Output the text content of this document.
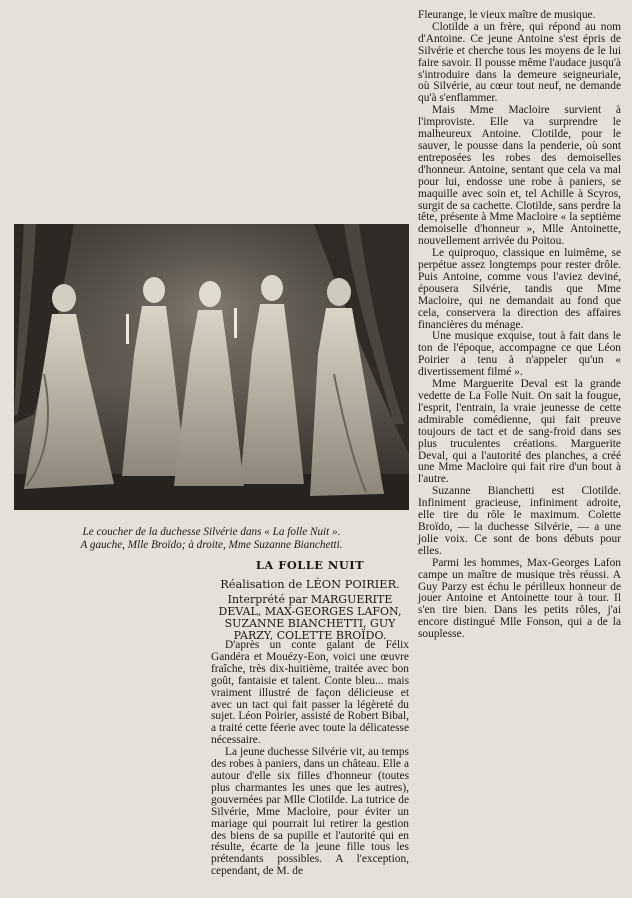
Fleurange, le vieux maître de musique.

Clotilde a un frère, qui répond au nom d'Antoine. Ce jeune Antoine s'est épris de Silvérie et cherche tous les moyens de le lui faire savoir. Il pousse même l'audace jusqu'à s'introduire dans la demeure seigneuriale, où Silvérie, au cœur tout neuf, ne demande qu'à s'enflammer.

Mais Mme Macloire survient à l'improviste. Elle va surprendre le malheureux Antoine. Clotilde, pour le sauver, le pousse dans la penderie, où sont entreposées les robes des demoiselles d'honneur. Antoine, sentant que cela va mal pour lui, endosse une robe à paniers, se maquille avec soin et, tel Achille à Scyros, surgit de sa cachette. Clotilde, sans perdre la tête, présente à Mme Macloire « la septième demoiselle d'honneur », Mlle Antoinette, nouvellement arrivée du Poitou.

Le quiproquo, classique en luimême, se perpétue assez longtemps pour rester drôle. Puis Antoine, comme vous l'aviez deviné, épousera Silvérie, tandis que Mme Macloire, qui ne demandait au fond que cela, conservera la direction des affaires financières du ménage.

Une musique exquise, tout à fait dans le ton de l'époque, accompagne ce que Léon Poirier a tenu à n'appeler qu'un « divertissement filmé ».

Mme Marguerite Deval est la grande vedette de La Folle Nuit. On sait la fougue, l'esprit, l'entrain, la vraie jeunesse de cette admirable comédienne, qui fait preuve toujours de tact et de sang-froid dans ses plus truculentes créations. Marguerite Deval, qui a l'autorité des planches, a créé une Mme Macloire qui fait rire d'un bout à l'autre.

Suzanne Bianchetti est Clotilde. Infiniment gracieuse, infiniment adroite, elle tire du rôle le maximum. Colette Broïdo, — la duchesse Silvérie, — a une jolie voix. Ce sont de bons débuts pour elles.

Parmi les hommes, Max-Georges Lafon campe un maître de musique très réussi. A Guy Parzy est échu le périlleux honneur de jouer Antoine et Antoinette tour à tour. Il s'en tire bien. Dans les petits rôles, j'ai encore distingué Mlle Fonson, qui a de la souplesse.

Le coucher de la duchesse Silvérie dans « La folle Nuit ».
A gauche, Mlle Broïdo; à droite, Mme Suzanne Bianchetti.
LA FOLLE NUIT
Réalisation de LÉON POIRIER.
Interprété par MARGUERITE DEVAL, MAX-GEORGES LAFON, SUZANNE BIANCHETTI, GUY PARZY, COLETTE BROÏDO.

D'après un conte galant de Félix Gandéra et Mouézy-Eon, voici une œuvre fraîche, très dix-huitième, traitée avec bon goût, fantaisie et talent. Conte bleu... mais vraiment illustré de façon délicieuse et avec un tact qui fait passer la légèreté du sujet. Léon Poirier, assisté de Robert Bibal, a traité cette féerie avec toute la délicatesse nécessaire.

La jeune duchesse Silvérie vit, au temps des robes à paniers, dans un château. Elle a autour d'elle six filles d'honneur (toutes plus charmantes les unes que les autres), gouvernées par Mlle Clotilde. La tutrice de Silvérie, Mme Macloire, pour éviter un mariage qui pourrait lui retirer la gestion des biens de sa pupille et l'autorité qui en résulte, écarte de la jeune fille tous les prétendants possibles. A l'exception, cependant, de M. de
